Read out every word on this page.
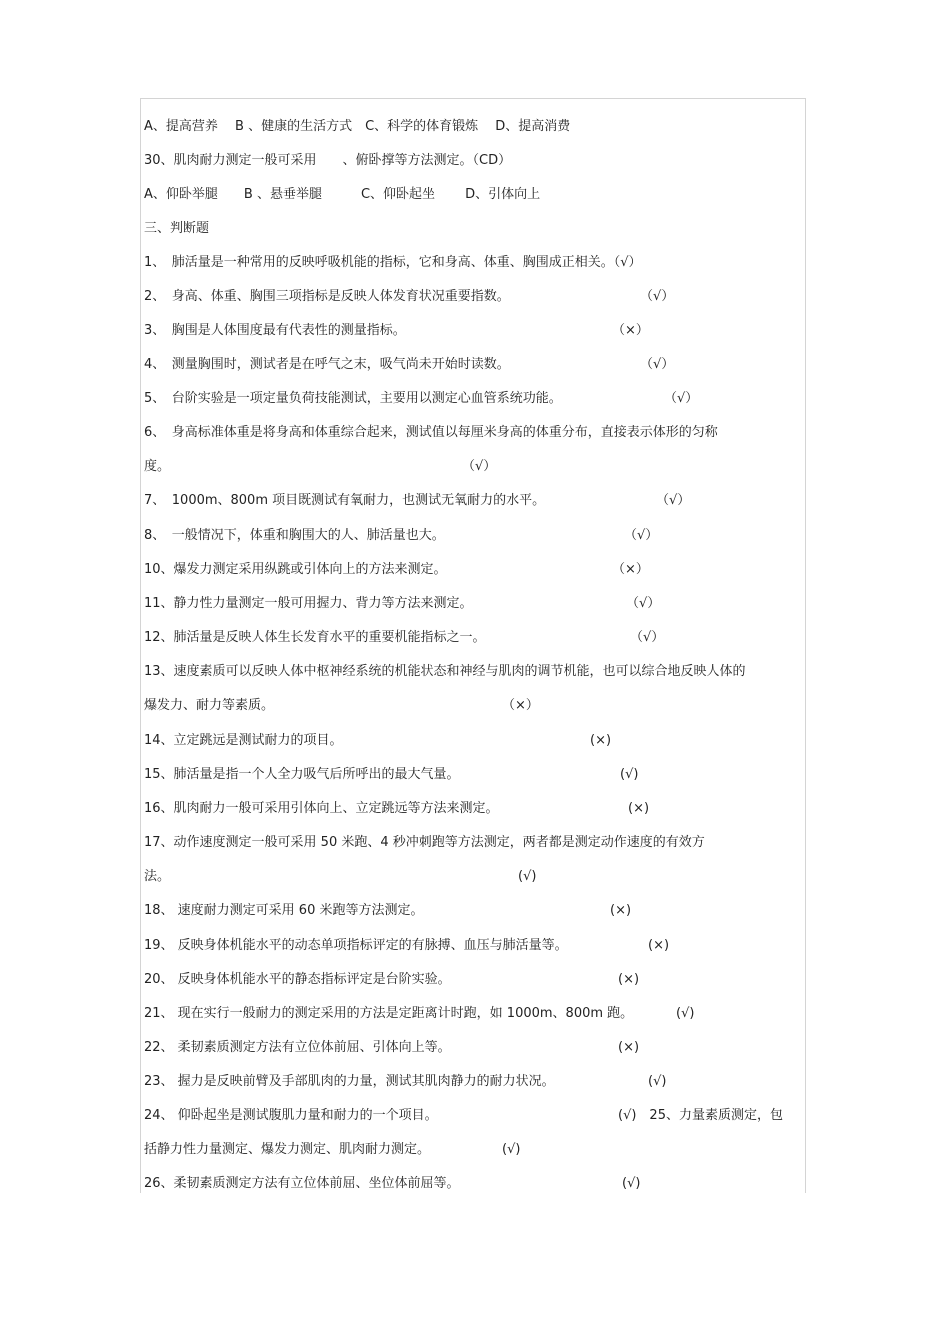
A、提高营养　 B 、健康的生活方式　C、科学的体育锻炼　 D、提高消费
30、肌肉耐力测定一般可采用　　、俯卧撑等方法测定。（CD）
A、仰卧举腿　　B 、悬垂举腿　　　C、仰卧起坐　　 D、引体向上
三、判断题
1、　肺活量是一种常用的反映呼吸机能的指标，它和身高、体重、胸围成正相关。（√）
2、　身高、体重、胸围三项指标是反映人体发育状况重要指数。	（√）
3、　胸围是人体围度最有代表性的测量指标。	（×）
4、　测量胸围时，测试者是在呼气之末，吸气尚未开始时读数。	（√）
5、　台阶实验是一项定量负荷技能测试，主要用以测定心血管系统功能。	（√）
6、　身高标准体重是将身高和体重综合起来，测试值以每厘米身高的体重分布，直接表示体形的匀称
度。	（√）
7、　1000m、800m 项目既测试有氧耐力，也测试无氧耐力的水平。	（√）
8、　一般情况下，体重和胸围大的人、肺活量也大。	（√）
10、爆发力测定采用纵跳或引体向上的方法来测定。	（×）
11、静力性力量测定一般可用握力、背力等方法来测定。	（√）
12、肺活量是反映人体生长发育水平的重要机能指标之一。	（√）
13、速度素质可以反映人体中枢神经系统的机能状态和神经与肌肉的调节机能，也可以综合地反映人体的
爆发力、耐力等素质。	（×）
14、立定跳远是测试耐力的项目。	(×)
15、肺活量是指一个人全力吸气后所呼出的最大气量。	(√)
16、肌肉耐力一般可采用引体向上、立定跳远等方法来测定。	(×)
17、动作速度测定一般可采用 50 米跑、4 秒冲刺跑等方法测定，两者都是测定动作速度的有效方
法。	(√)
18、 速度耐力测定可采用 60 米跑等方法测定。	(×)
19、 反映身体机能水平的动态单项指标评定的有脉搏、血压与肺活量等。	(×)
20、 反映身体机能水平的静态指标评定是台阶实验。	(×)
21、 现在实行一般耐力的测定采用的方法是定距离计时跑，如 1000m、800m 跑。	(√)
22、 柔韧素质测定方法有立位体前屈、引体向上等。	(×)
23、 握力是反映前臂及手部肌肉的力量，测试其肌肉静力的耐力状况。	(√)
24、 仰卧起坐是测试腹肌力量和耐力的一个项目。	(√)　25、力量素质测定，包
括静力性力量测定、爆发力测定、肌肉耐力测定。	(√)
26、柔韧素质测定方法有立位体前屈、坐位体前屈等。	(√)
